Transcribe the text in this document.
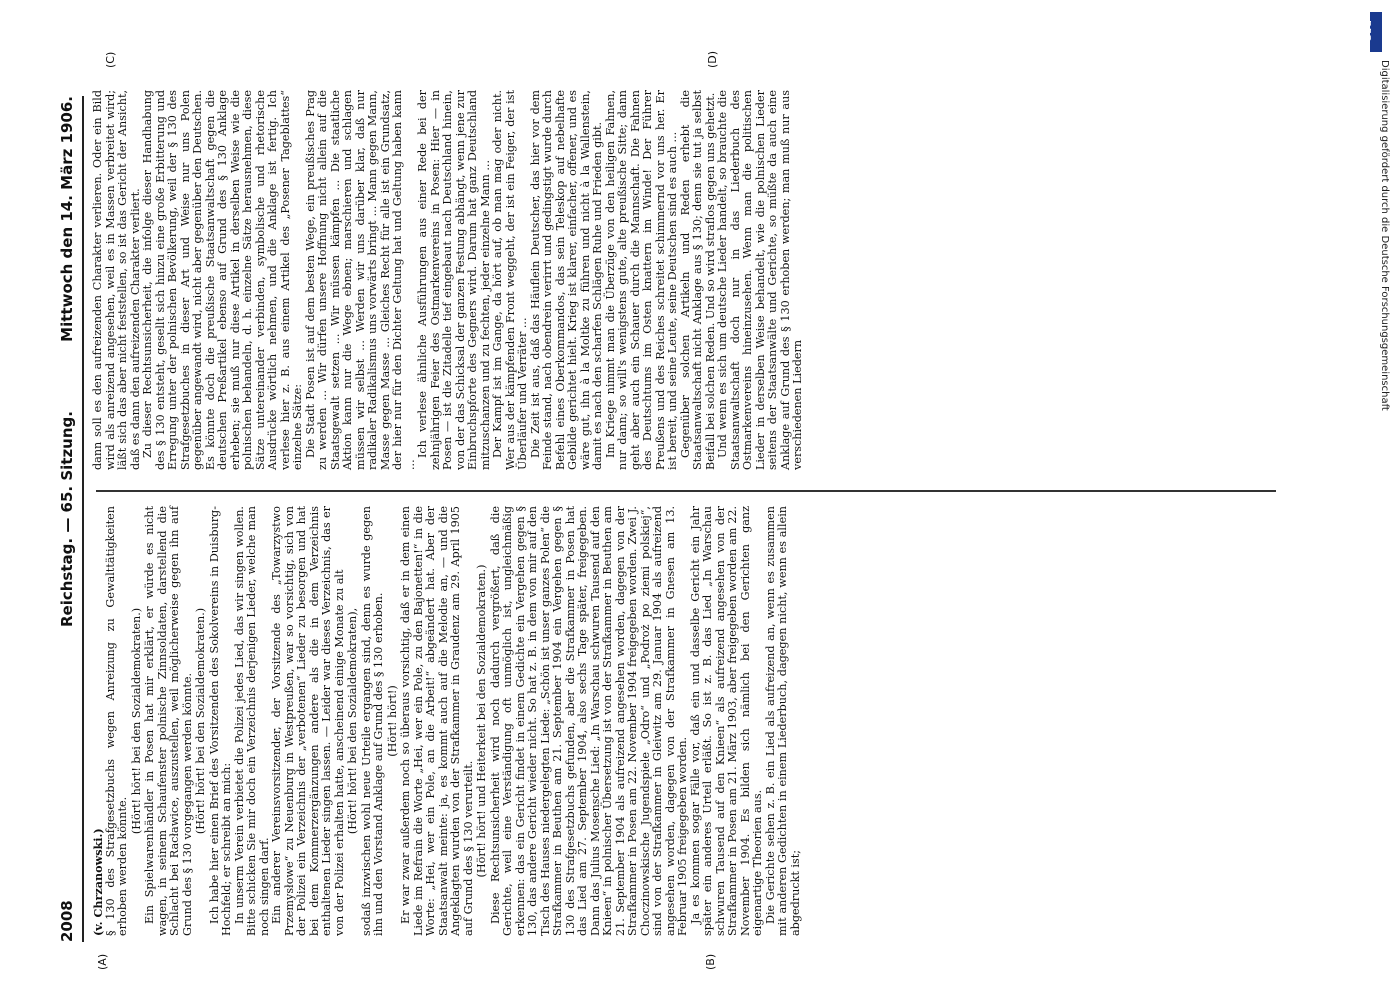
2008
Reichstag. — 65. Sitzung.
Mittwoch den 14. März 1906.
(A)	(B)
(C)	(D)

(v. Chrzanowski.)

§ 130 des Strafgesetzbuchs wegen Anreizung zu Gewalttätigkeiten erhoben werden könnte.

(Hört! hört! bei den Sozialdemokraten.) Ein Spielwarenhändler in Posen hat mir erklärt, er würde es nicht wagen, in seinem Schaufenster polnische Zinnsoldaten, darstellend die Schlacht bei Racławice, auszustellen, weil möglicherweise gegen ihn auf Grund des § 130 vorgegangen werden könnte. (Hört! hört! bei den Sozialdemokraten.) Ich habe hier einen Brief des Vorsitzenden des Sokolvereins in Duisburg-Hochfeld; er schreibt an mich: In unserm Verein verbietet die Polizei jedes Lied, das wir singen wollen. Bitte schicken Sie mir doch ein Verzeichnis derjenigen Lieder, welche man noch singen darf. Ein anderer Vereinsvorsitzender, der Vorsitzende des „Towarzystwo Przemysłowe“ zu Neuenburg in Westpreußen, war so vorsichtig, sich von der Polizei ein Verzeichnis der „verbotenen“ Lieder zu besorgen und hat bei dem Kommerzergänzungen andere als die in dem Verzeichnis enthaltenen Lieder singen lassen. — Leider war dieses Verzeichnis, das er von der Polizei erhalten hatte, anscheinend einige Monate zu alt (Hört! hört! bei den Sozialdemokraten), sodaß inzwischen wohl neue Urteile ergangen sind, denn es wurde gegen ihn und den Vorstand Anklage auf Grund des § 130 erhoben. (Hört! hört!) Er war zwar außerdem noch so überaus vorsichtig, daß er in dem einen Liede im Refrain die Worte „Hei, wer ein Pole, zu den Bajonetten!“ in die Worte: „Hei, wer ein Pole, an die Arbeit!“ abgeändert hat. Aber der Staatsanwalt meinte: ja, es kommt auch auf die Melodie an, — und die Angeklagten wurden von der Strafkammer in Graudenz am 29. April 1905 auf Grund des § 130 verurteilt. (Hört! hört! und Heiterkeit bei den Sozialdemokraten.) Diese Rechtsunsicherheit wird noch dadurch vergrößert, daß die Gerichte, weil eine Verständigung oft unmöglich ist, ungleichmäßig erkennen: das ein Gericht findet in einem Gedichte ein Vergehen gegen § 130, das andere Gericht wieder nicht. So hat z. B. in dem von mir auf den Tisch des Hauses niedergelegten Liede: „Schön ist unser ganzes Polen“ die Strafkammer in Beuthen am 21. September 1904 ein Vergehen gegen § 130 des Strafgesetzbuchs gefunden, aber die Strafkammer in Posen hat das Lied am 27. September 1904, also sechs Tage später, freigegeben. Dann das Julius Mosensche Lied: „In Warschau schwuren Tausend auf den Knieen“ in polnischer Übersetzung ist von der Strafkammer in Beuthen am 21. September 1904 als aufreizend angesehen worden, dagegen von der Strafkammer in Posen am 22. November 1904 freigegeben worden. Zwei J. Choczinowskische Jugendspiele „Odro“ und „Podroż po ziemi polskiej“, sind von der Strafkammer in Gleiwitz am 29. Januar 1904 als aufreizend angesehen worden, dagegen von der Strafkammer in Gnesen am 13. Februar 1905 freigegeben worden. Ja es kommen sogar Fälle vor, daß ein und dasselbe Gericht ein Jahr später ein anderes Urteil erläßt. So ist z. B. das Lied „In Warschau schwuren Tausend auf den Knieen“ als aufreizend angesehen von der Strafkammer in Posen am 21. März 1903, aber freigegeben worden am 22. November 1904. Es bilden sich nämlich bei den Gerichten ganz eigenartige Theorien aus. Die Gerichte sehen z. B. ein Lied als aufreizend an, wenn es zusammen mit anderen Gedichten in einem Liederbuch, dagegen nicht, wenn es allein abgedruckt ist;

dann soll es den aufreizenden Charakter verlieren. Oder ein Bild wird als anreizend angesehen, weil es in Massen verbreitet wird; läßt sich das aber nicht feststellen, so ist das Gericht der Ansicht, daß es dann den aufreizenden Charakter verliert. Zu dieser Rechtsunsicherheit, die infolge dieser Handhabung des § 130 entsteht, gesellt sich hinzu eine große Erbitterung und Erregung unter der polnischen Bevölkerung, weil der § 130 des Strafgesetzbuches in dieser Art und Weise nur uns Polen gegenüber angewandt wird, nicht aber gegenüber den Deutschen. Es könnte doch die preußische Staatsanwaltschaft gegen die deutschen Preßartikel ebenso auf Grund des § 130 Anklage erheben; sie muß nur diese Artikel in derselben Weise wie die polnischen behandeln, d. h. einzelne Sätze herausnehmen, diese Sätze untereinander verbinden, symbolische und rhetorische Ausdrücke wörtlich nehmen, und die Anklage ist fertig. Ich verlese hier z. B. aus einem Artikel des „Posener Tageblattes“ einzelne Sätze: Die Stadt Posen ist auf dem besten Wege, ein preußisches Prag zu werden ... Wir dürfen unsere Hoffnung nicht allein auf die Staatsgewalt setzen ... Wir müssen kämpfen ... Die staatliche Aktion kann nur die Wege ebnen; marschieren und schlagen müssen wir selbst ... Werden wir uns darüber klar, daß nur radikaler Radikalismus uns vorwärts bringt ... Mann gegen Mann, Masse gegen Masse ... Gleiches Recht für alle ist ein Grundsatz, der hier nur für den Dichter Geltung hat und Geltung haben kann ...

Ich verlese ähnliche Ausführungen aus einer Rede bei der zehnjährigen Feier des Ostmarkenvereins in Posen: Hier — in Posen — ist die Zitadelle tief eingebaut nach Deutschland hinein, von der das Schicksal der ganzen Festung abhängt, wenn jene zur Einbruchspforte des Gegners wird. Darum hat ganz Deutschland mitzuschanzen und zu fechten, jeder einzelne Mann ... Der Kampf ist im Gange, da hört auf, ob man mag oder nicht. Wer aus der kämpfenden Front weggeht, der ist ein Feiger, der ist Überläufer und Verräter ... Die Zeit ist aus, daß das Häuflein Deutscher, das hier vor dem Feinde stand, nach obendrein verirrt und gedingstigt wurde durch Befehl eines Oberkommandos, das sein Teleskop auf nebelhafte Gebilde gerichtet hielt. Krieg ist klarer, einfacher, offener, und es wäre gut, ihn à la Moltke zu führen und nicht à la Wallenstein, damit es nach den scharfen Schlägen Ruhe und Frieden gibt. Im Kriege nimmt man die Überzüge von den heiligen Fahnen, nur dann; so will's wenigstens gute, alte preußische Sitte; dann geht aber auch ein Schauer durch die Mannschaft. Die Fahnen des Deutschtums im Osten knattern im Winde! Der Führer Preußens und des Reiches schreitet schimmernd vor uns her. Er ist bereit, und seine Leute, seine Deutschen sind es auch ... Gegenüber solchen Artikeln und Reden erhebt die Staatsanwaltschaft nicht Anklage aus § 130; denn sie tut ja selbst Beifall bei solchen Reden. Und so wird straflos gegen uns gehetzt. Und wenn es sich um deutsche Lieder handelt, so brauchte die Staatsanwaltschaft doch nur in das Liederbuch des Ostmarkenvereins hineinzusehen. Wenn man die politischen Lieder in derselben Weise behandelt, wie die polnischen Lieder seitens der Staatsanwälte und Gerichte, so müßte da auch eine Anklage auf Grund des § 130 erhoben werden; man muß nur aus verschiedenen Liedern

DFG
Digitalisierung gefördert durch die Deutsche Forschungsgemeinschaft
